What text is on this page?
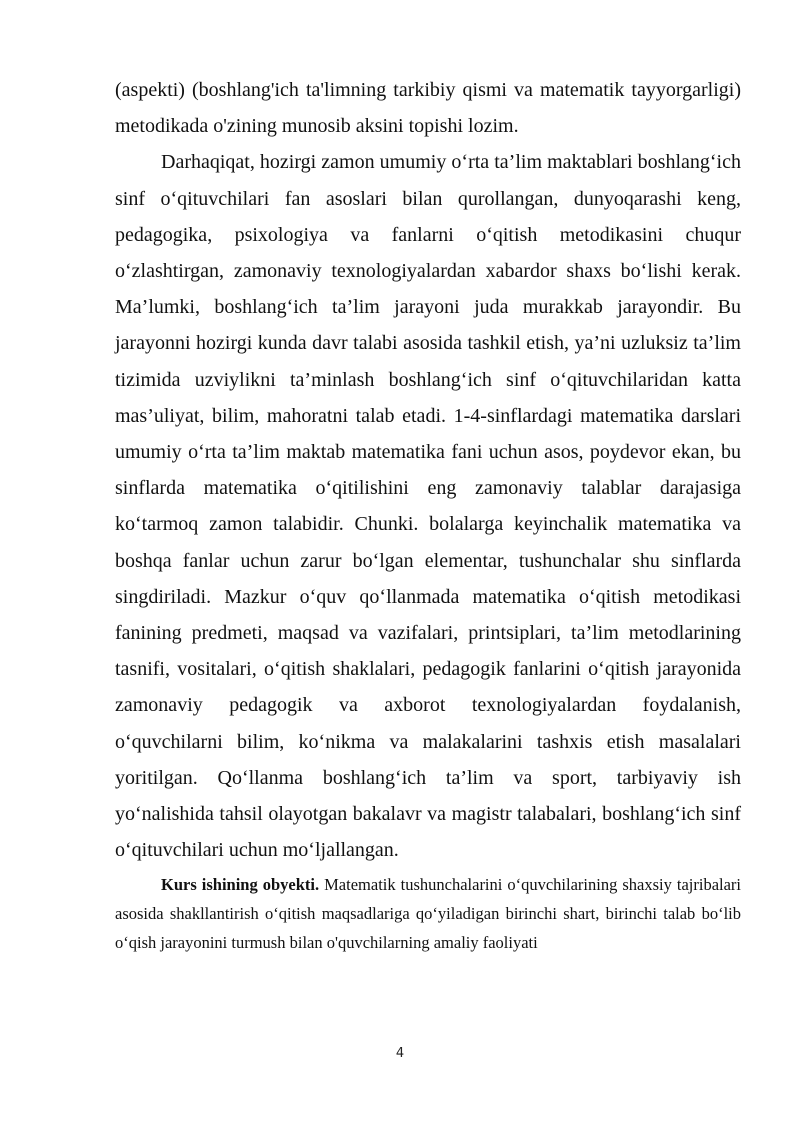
(aspekti) (boshlang'ich ta'limning tarkibiy qismi va matematik tayyorgarligi) metodikada o'zining munosib aksini topishi lozim.

Darhaqiqat, hozirgi zamon umumiy o‘rta ta’lim maktablari boshlang‘ich sinf o‘qituvchilari fan asoslari bilan qurollangan, dunyoqarashi keng, pedagogika, psixologiya va fanlarni o‘qitish metodikasini chuqur o‘zlashtirgan, zamonaviy texnologiyalardan xabardor shaxs bo‘lishi kerak. Ma’lumki, boshlang‘ich ta’lim jarayoni juda murakkab jarayondir. Bu jarayonni hozirgi kunda davr talabi asosida tashkil etish, ya’ni uzluksiz ta’lim tizimida uzviylikni ta’minlash boshlang‘ich sinf o‘qituvchilaridan katta mas’uliyat, bilim, mahoratni talab etadi. 1-4-sinflardagi matematika darslari umumiy o‘rta ta’lim maktab matematika fani uchun asos, poydevor ekan, bu sinflarda matematika o‘qitilishini eng zamonaviy talablar darajasiga ko‘tarmoq zamon talabidir. Chunki. bolalarga keyinchalik matematika va boshqa fanlar uchun zarur bo‘lgan elementar, tushunchalar shu sinflarda singdiriladi. Mazkur o‘quv qo‘llanmada matematika o‘qitish metodikasi fanining predmeti, maqsad va vazifalari, printsiplari, ta’lim metodlarining tasnifi, vositalari, o‘qitish shaklalari, pedagogik fanlarini o‘qitish jarayonida zamonaviy pedagogik va axborot texnologiyalardan foydalanish, o‘quvchilarni bilim, ko‘nikma va malakalarini tashxis etish masalalari yoritilgan. Qo‘llanma boshlang‘ich ta’lim va sport, tarbiyaviy ish yo‘nalishida tahsil olayotgan bakalavr va magistr talabalari, boshlang‘ich sinf o‘qituvchilari uchun mo‘ljallangan.

Kurs ishining obyekti. Matematik tushunchalarini o‘quvchilarining shaxsiy tajribalari asosida shakllantirish o‘qitish maqsadlariga qo‘yiladigan birinchi shart, birinchi talab bo‘lib o‘qish jarayonini turmush bilan o'quvchilarning amaliy faoliyati

4
